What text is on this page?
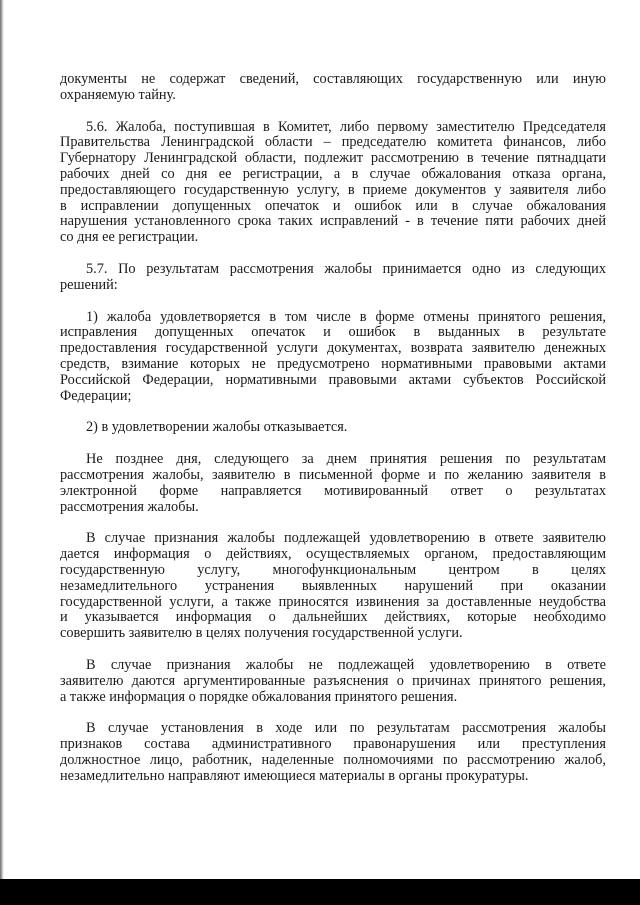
документы не содержат сведений, составляющих государственную или иную
охраняемую тайну.

5.6. Жалоба, поступившая в Комитет, либо первому заместителю Председателя
Правительства Ленинградской области – председателю комитета финансов, либо
Губернатору Ленинградской области, подлежит рассмотрению в течение пятнадцати
рабочих дней со дня ее регистрации, а в случае обжалования отказа органа,
предоставляющего государственную услугу, в приеме документов у заявителя либо
в исправлении допущенных опечаток и ошибок или в случае обжалования
нарушения установленного срока таких исправлений - в течение пяти рабочих дней
со дня ее регистрации.

5.7. По результатам рассмотрения жалобы принимается одно из следующих
решений:

1) жалоба удовлетворяется в том числе в форме отмены принятого решения,
исправления допущенных опечаток и ошибок в выданных в результате
предоставления государственной услуги документах, возврата заявителю денежных
средств, взимание которых не предусмотрено нормативными правовыми актами
Российской Федерации, нормативными правовыми актами субъектов Российской
Федерации;

2) в удовлетворении жалобы отказывается.

Не позднее дня, следующего за днем принятия решения по результатам
рассмотрения жалобы, заявителю в письменной форме и по желанию заявителя в
электронной форме направляется мотивированный ответ о результатах
рассмотрения жалобы.

В случае признания жалобы подлежащей удовлетворению в ответе заявителю
дается информация о действиях, осуществляемых органом, предоставляющим
государственную услугу, многофункциональным центром в целях
незамедлительного устранения выявленных нарушений при оказании
государственной услуги, а также приносятся извинения за доставленные неудобства
и указывается информация о дальнейших действиях, которые необходимо
совершить заявителю в целях получения государственной услуги.

В случае признания жалобы не подлежащей удовлетворению в ответе
заявителю даются аргументированные разъяснения о причинах принятого решения,
а также информация о порядке обжалования принятого решения.

В случае установления в ходе или по результатам рассмотрения жалобы
признаков состава административного правонарушения или преступления
должностное лицо, работник, наделенные полномочиями по рассмотрению жалоб,
незамедлительно направляют имеющиеся материалы в органы прокуратуры.
